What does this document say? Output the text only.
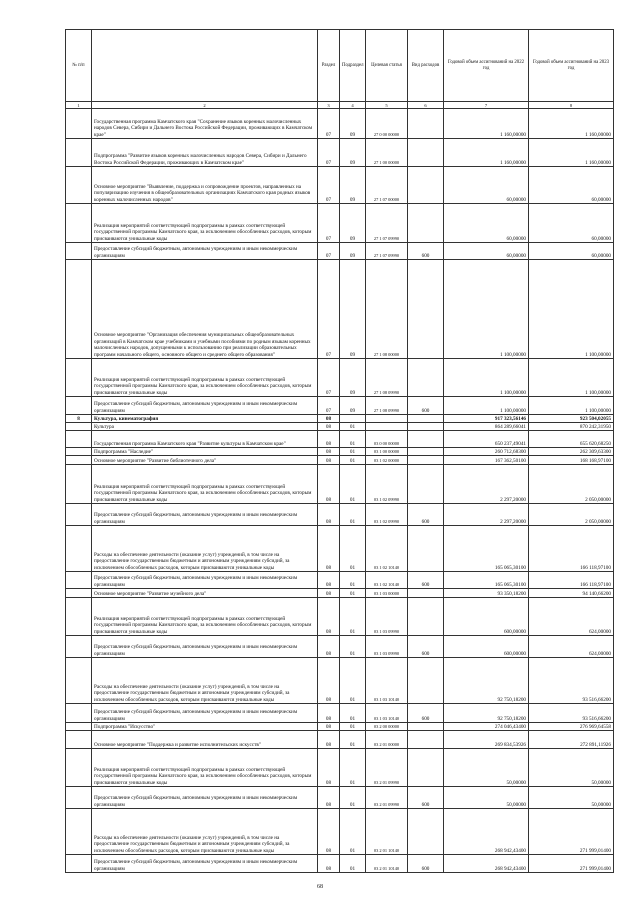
№ п/п		Раздел	Подраздел	Целевая статья	Вид расходов	Годовой объем ассигнований на 2022 год	Годовой объем ассигнований на 2023 год
1	2	3	4	5	6	7	8
	Государственная программа Камчатского края "Сохранение языков коренных малочисленных народов Севера, Сибири и Дальнего Востока Российской Федерации, проживающих в Камчатском крае"	07	09	27 0 00 00000		1 160,00000	1 160,00000
	Подпрограмма "Развитие языков коренных малочисленных народов Севера, Сибири и Дальнего Востока Российской Федерации, проживающих в Камчатском крае"	07	09	27 1 00 00000		1 160,00000	1 160,00000
	Основное мероприятие "Выявление, поддержка и сопровождение проектов, направленных на популяризацию изучения в общеобразовательных организациях Камчатского края родных языков коренных малочисленных народов"	07	09	27 1 07 00000		60,00000	60,00000
	Реализация мероприятий соответствующей подпрограммы в рамках соответствующей государственной программы Камчатского края, за исключением обособленных расходов, которым присваиваются уникальные коды	07	09	27 1 07 09990		60,00000	60,00000
	Предоставление субсидий бюджетным, автономным учреждениям и иным некоммерческим организациям	07	09	27 1 07 09990	600	60,00000	60,00000
	Основное мероприятие "Организация обеспечения муниципальных общеобразовательных организаций в Камчатском крае учебниками и учебными пособиями по родным языкам коренных малочисленных народов, допущенными к использованию при реализации образовательных программ начального общего, основного общего и среднего общего образования"	07	09	27 1 08 00000		1 100,00000	1 100,00000
	Реализация мероприятий соответствующей подпрограммы в рамках соответствующей государственной программы Камчатского края, за исключением обособленных расходов, которым присваиваются уникальные коды	07	09	27 1 08 09990		1 100,00000	1 100,00000
	Предоставление субсидий бюджетным, автономным учреждениям и иным некоммерческим организациям	07	09	27 1 08 09990	600	1 100,00000	1 100,00000
8	Культура, кинематография	08				917 323,56146	923 504,02055
	Культура	08	01			864 289,66041	870 242,31950
	Государственная программа Камчатского края "Развитие культуры в Камчатском крае"	08	01	03 0 00 00000		650 237,49041	655 620,68250
	Подпрограмма "Наследие"	08	01	03 1 00 00000		260 712,68300	262 309,63300
	Основное мероприятие "Развитие библиотечного дела"	08	01	03 1 02 00000		167 362,50100	168 168,97100
	Реализация мероприятий соответствующей подпрограммы в рамках соответствующей государственной программы Камчатского края, за исключением обособленных расходов, которым присваиваются уникальные коды	08	01	03 1 02 09990		2 297,20000	2 050,00000
	Предоставление субсидий бюджетным, автономным учреждениям и иным некоммерческим организациям	08	01	03 1 02 09990	600	2 297,20000	2 050,00000
	Расходы на обеспечение деятельности (оказание услуг) учреждений, в том числе на предоставление государственным бюджетным и автономным учреждениям субсидий, за исключением обособленных расходов, которым присваиваются уникальные коды	08	01	03 1 02 10140		165 065,30100	166 118,97100
	Предоставление субсидий бюджетным, автономным учреждениям и иным некоммерческим организациям	08	01	03 1 02 10140	600	165 065,30100	166 118,97100
	Основное мероприятие "Развитие музейного дела"	08	01	03 1 03 00000		93 350,18200	94 140,66200
	Реализация мероприятий соответствующей подпрограммы в рамках соответствующей государственной программы Камчатского края, за исключением обособленных расходов, которым присваиваются уникальные коды	08	01	03 1 03 09990		600,00000	624,00000
	Предоставление субсидий бюджетным, автономным учреждениям и иным некоммерческим организациям	08	01	03 1 03 09990	600	600,00000	624,00000
	Расходы на обеспечение деятельности (оказание услуг) учреждений, в том числе на предоставление государственным бюджетным и автономным учреждениям субсидий, за исключением обособленных расходов, которым присваиваются уникальные коды	08	01	03 1 03 10140		92 750,18200	93 516,66200
	Предоставление субсидий бюджетным, автономным учреждениям и иным некоммерческим организациям	08	01	03 1 03 10140	600	92 750,18200	93 516,66200
	Подпрограмма "Искусство"	08	01	03 2 00 00000		274 046,43400	276 969,64558
	Основное мероприятие "Поддержка и развитие исполнительских искусств"	08	01	03 2 01 00000		269 834,53926	272 891,11926
	Реализация мероприятий соответствующей подпрограммы в рамках соответствующей государственной программы Камчатского края, за исключением обособленных расходов, которым присваиваются уникальные коды	08	01	03 2 01 09990		50,00000	50,00000
	Предоставление субсидий бюджетным, автономным учреждениям и иным некоммерческим организациям	08	01	03 2 01 09990	600	50,00000	50,00000
	Расходы на обеспечение деятельности (оказание услуг) учреждений, в том числе на предоставление государственным бюджетным и автономным учреждениям субсидий, за исключением обособленных расходов, которым присваиваются уникальные коды	08	01	03 2 01 10140		268 942,43400	271 999,01400
	Предоставление субсидий бюджетным, автономным учреждениям и иным некоммерческим организациям	08	01	03 2 01 10140	600	268 942,43400	271 999,01400
68
